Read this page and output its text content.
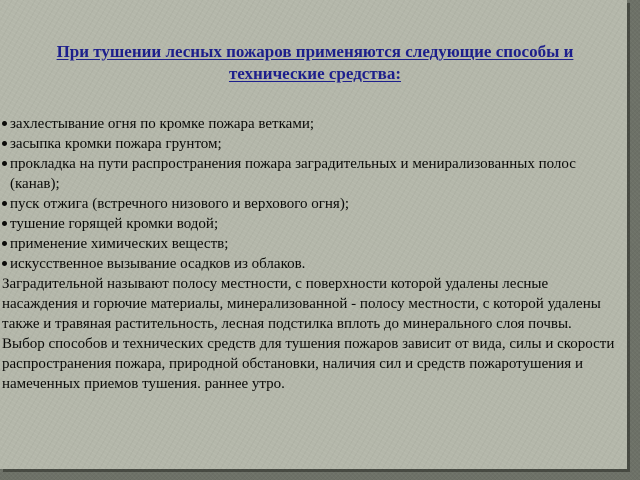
При тушении лесных пожаров применяются следующие способы и технические средства:
захлестывание огня по кромке пожара ветками;
засыпка кромки пожара грунтом;
прокладка на пути распространения пожара заградительных и менирализованных полос (канав);
пуск отжига (встречного низового и верхового огня);
тушение горящей кромки водой;
применение химических веществ;
искусственное вызывание осадков из облаков.

Заградительной называют полосу местности, с поверхности которой удалены лесные насаждения и горючие материалы, минерализованной - полосу местности, с которой удалены также и травяная растительность, лесная подстилка вплоть до минерального слоя почвы.

Выбор способов и технических средств для тушения пожаров зависит от вида, силы и скорости распространения пожара, природной обстановки, наличия сил и средств пожаротушения и намеченных приемов тушения. раннее утро.
